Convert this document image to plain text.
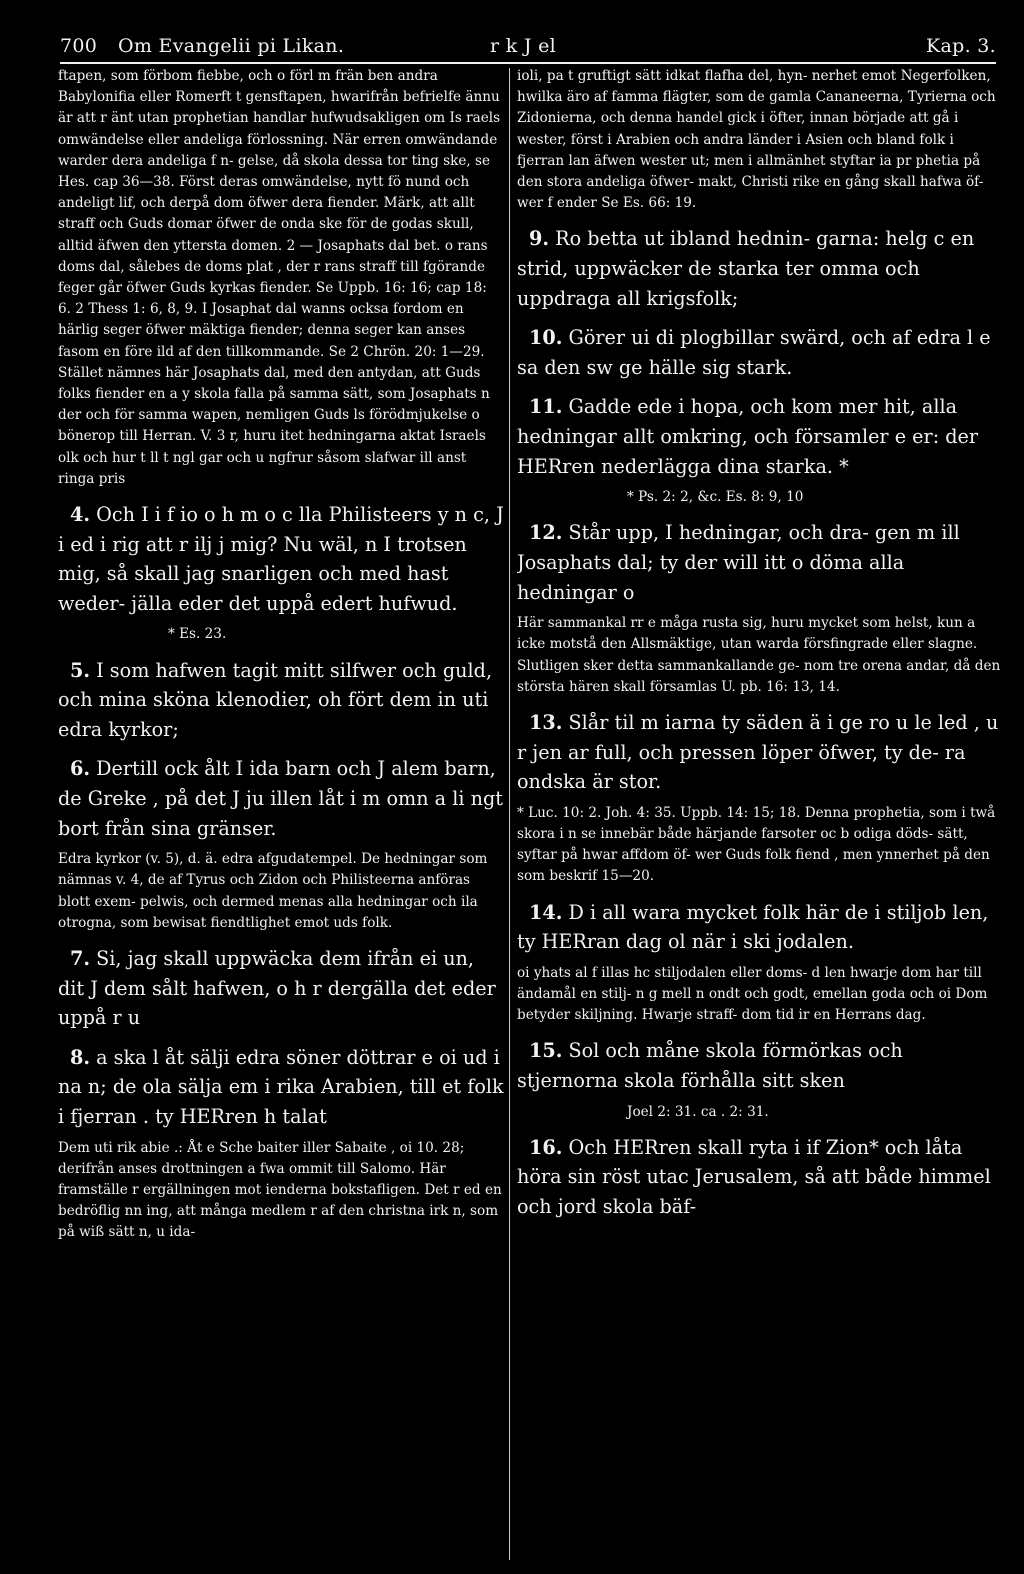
700 Om Evangelii pi Likan.	r k J el	Kap. 3.

ftapen, som förbom fiebbe, och o förl m frän ben andra Babylonifia eller Romerft t gensftapen, hwarifrån befrielfe ännu är att r änt utan prophetian handlar hufwudsakligen om Is raels omwändelse eller andeliga förlossning. När erren omwändande warder dera andeliga f n- gelse, då skola dessa tor ting ske, se Hes. cap 36—38. Först deras omwändelse, nytt fö nund och andeligt lif, och derpå dom öfwer dera fiender. Märk, att allt straff och Guds domar öfwer de onda ske för de godas skull, alltid äfwen den yttersta domen. 2 — Josaphats dal bet. o rans doms dal, sålebes de doms plat , der r rans straff till fgörande feger går öfwer Guds kyrkas fiender. Se Uppb. 16: 16; cap 18: 6. 2 Thess 1: 6, 8, 9. I Josaphat dal wanns ocksa fordom en härlig seger öfwer mäktiga fiender; denna seger kan anses fasom en före ild af den tillkommande. Se 2 Chrön. 20: 1—29. Stället nämnes här Josaphats dal, med den antydan, att Guds folks fiender en a y skola falla på samma sätt, som Josaphats n der och för samma wapen, nemligen Guds ls förödmjukelse o bönerop till Herran. V. 3 r, huru itet hedningarna aktat Israels olk och hur t ll t ngl gar och u ngfrur såsom slafwar ill anst ringa pris

4. Och I i f io o h m o c lla Philisteers y n c, J i ed i rig att r ilj j mig? Nu wäl, n I trotsen mig, så skall jag snarligen och med hast weder- jälla eder det uppå edert hufwud.

* Es. 23.

5. I som hafwen tagit mitt silfwer och guld, och mina sköna klenodier, oh fört dem in uti edra kyrkor;

6. Dertill ock ålt I ida barn och J alem barn, de Greke , på det J ju illen låt i m omn a li ngt bort från sina gränser.

Edra kyrkor (v. 5), d. ä. edra afgudatempel. De hedningar som nämnas v. 4, de af Tyrus och Zidon och Philisteerna anföras blott exem- pelwis, och dermed menas alla hedningar och ila otrogna, som bewisat fiendtlighet emot uds folk.

7. Si, jag skall uppwäcka dem ifrån ei un, dit J dem sålt hafwen, o h r dergälla det eder uppå r u

8. a ska l åt sälji edra söner döttrar e oi ud i na n; de ola sälja em i rika Arabien, till et folk i fjerran . ty HERren h talat

Dem uti rik abie .: Åt e Sche baiter iller Sabaite , oi 10. 28; derifrån anses drottningen a fwa ommit till Salomo. Här framställe r ergällningen mot ienderna bokstafligen. Det r ed en bedröflig nn ing, att många medlem r af den christna irk n, som på wiß sätt n, u ida-

ioli, pa t gruftigt sätt idkat flafha del, hyn- nerhet emot Negerfolken, hwilka äro af famma flägter, som de gamla Cananeerna, Tyrierna och Zidonierna, och denna handel gick i öfter, innan började att gå i wester, först i Arabien och andra länder i Asien och bland folk i fjerran lan äfwen wester ut; men i allmänhet styftar ia pr phetia på den stora andeliga öfwer- makt, Christi rike en gång skall hafwa öf- wer f ender Se Es. 66: 19.

9. Ro betta ut ibland hednin- garna: helg c en strid, uppwäcker de starka ter omma och uppdraga all krigsfolk;

10. Görer ui di plogbillar swärd, och af edra l e sa den sw ge hälle sig stark.

11. Gadde ede i hopa, och kom mer hit, alla hedningar allt omkring, och församler e er: der HERren nederlägga dina starka. *

* Ps. 2: 2, &c. Es. 8: 9, 10

12. Står upp, I hedningar, och dra- gen m ill Josaphats dal; ty der will itt o döma alla hedningar o

Här sammankal rr e måga rusta sig, huru mycket som helst, kun a icke motstå den Allsmäktige, utan warda försfingrade eller slagne. Slutligen sker detta sammankallande ge- nom tre orena andar, då den största hären skall församlas U. pb. 16: 13, 14.

13. Slår til m iarna ty säden ä i ge ro u le led , u r jen ar full, och pressen löper öfwer, ty de- ra ondska är stor.

* Luc. 10: 2. Joh. 4: 35. Uppb. 14: 15; 18. Denna prophetia, som i twå skora i n se innebär både härjande farsoter oc b odiga döds- sätt, syftar på hwar affdom öf- wer Guds folk fiend , men ynnerhet på den som beskrif 15—20.

14. D i all wara mycket folk här de i stiljob len, ty HERran dag ol när i ski jodalen.

oi yhats al f illas hc stiljodalen eller doms- d len hwarje dom har till ändamål en stilj- n g mell n ondt och godt, emellan goda och oi Dom betyder skiljning. Hwarje straff- dom tid ir en Herrans dag.

15. Sol och måne skola förmörkas och stjernorna skola förhålla sitt sken

Joel 2: 31. ca . 2: 31.

16. Och HERren skall ryta i if Zion* och låta höra sin röst utac Jerusalem, så att både himmel och jord skola bäf-
